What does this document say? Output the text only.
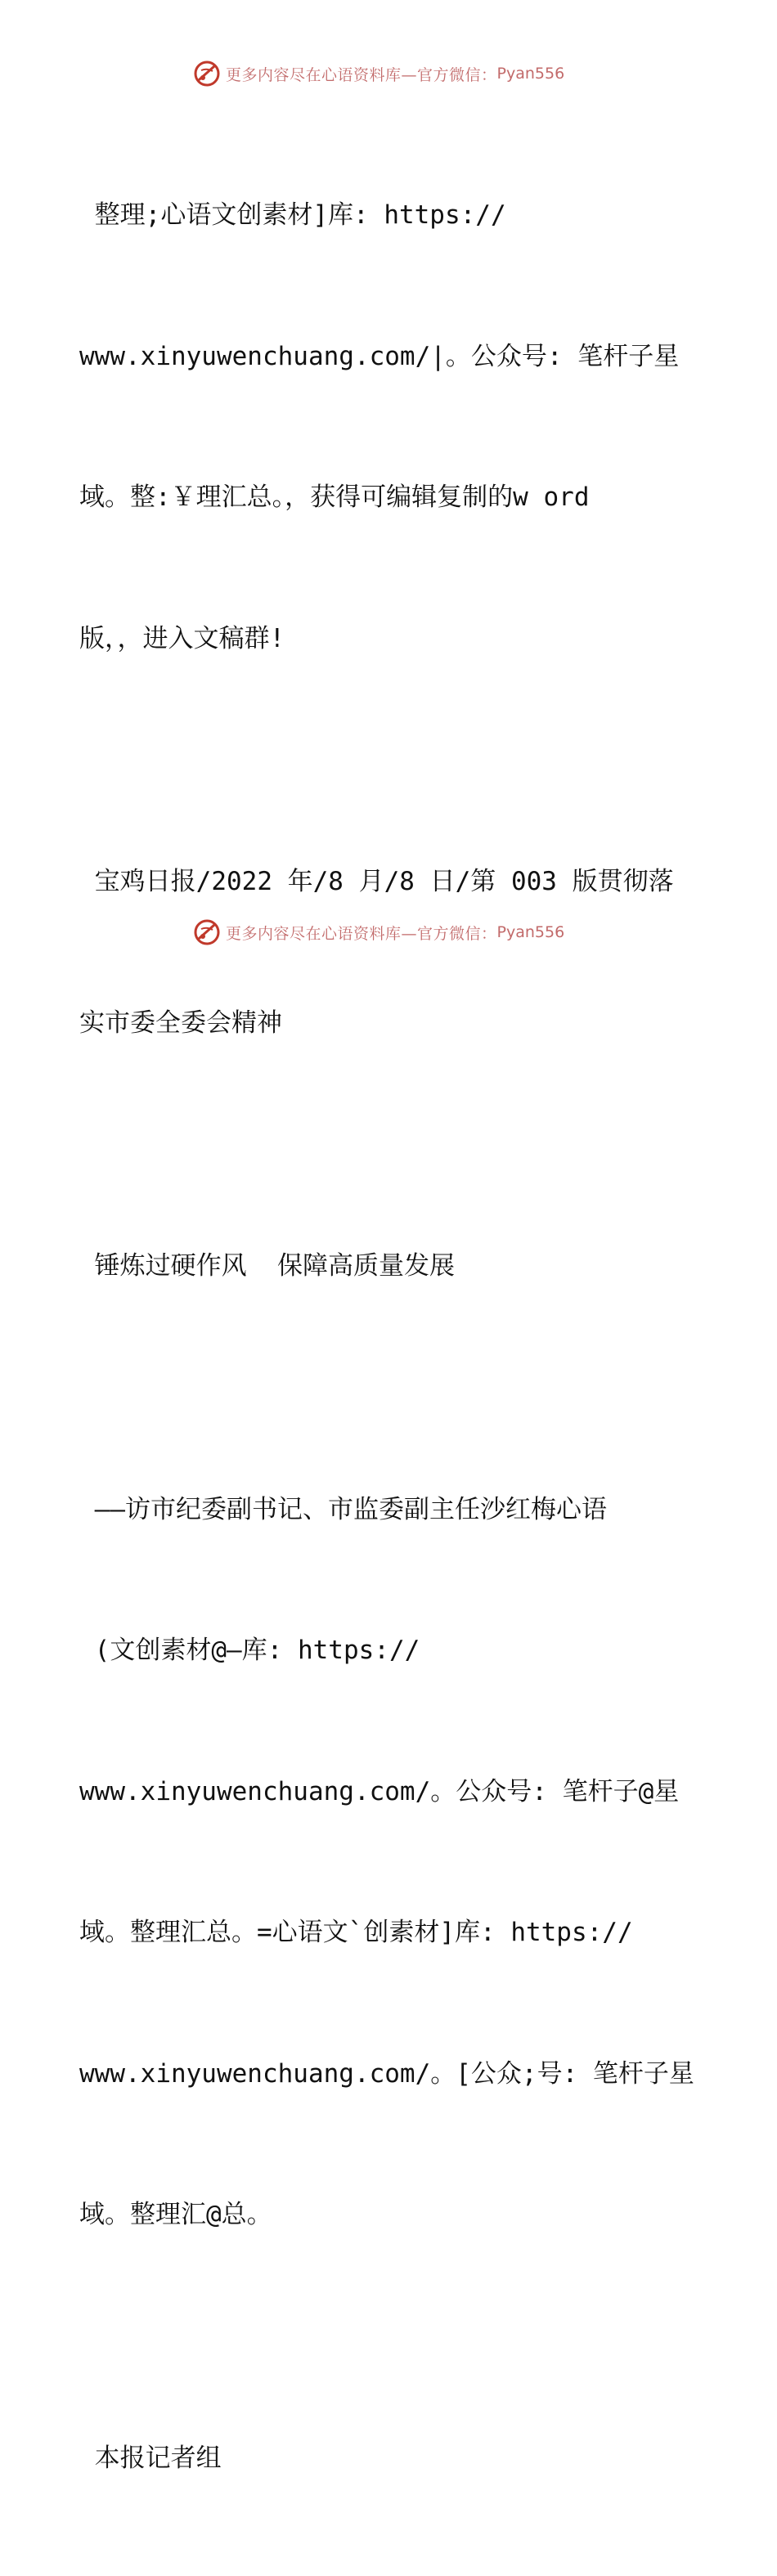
更多内容尽在心语资料库—官方微信： Pyan556

整理;心语文创素材]库: https://

www.xinyuwenchuang.com/|。公众号: 笔杆子星

域。整:￥理汇总。，获得可编辑复制的w ord

版，，进入文稿群!

宝鸡日报/2022 年/8 月/8 日/第 003 版贯彻落

实市委全委会精神

锤炼过硬作风  保障高质量发展

——访市纪委副书记、市监委副主任沙红梅心语

(文创素材@—库: https://

www.xinyuwenchuang.com/。公众号: 笔杆子@星

域。整理汇总。=心语文`创素材]库: https://

www.xinyuwenchuang.com/。[公众;号: 笔杆子星

域。整理汇@总。

本报记者组

更多内容尽在心语资料库—官方微信： Pyan556
